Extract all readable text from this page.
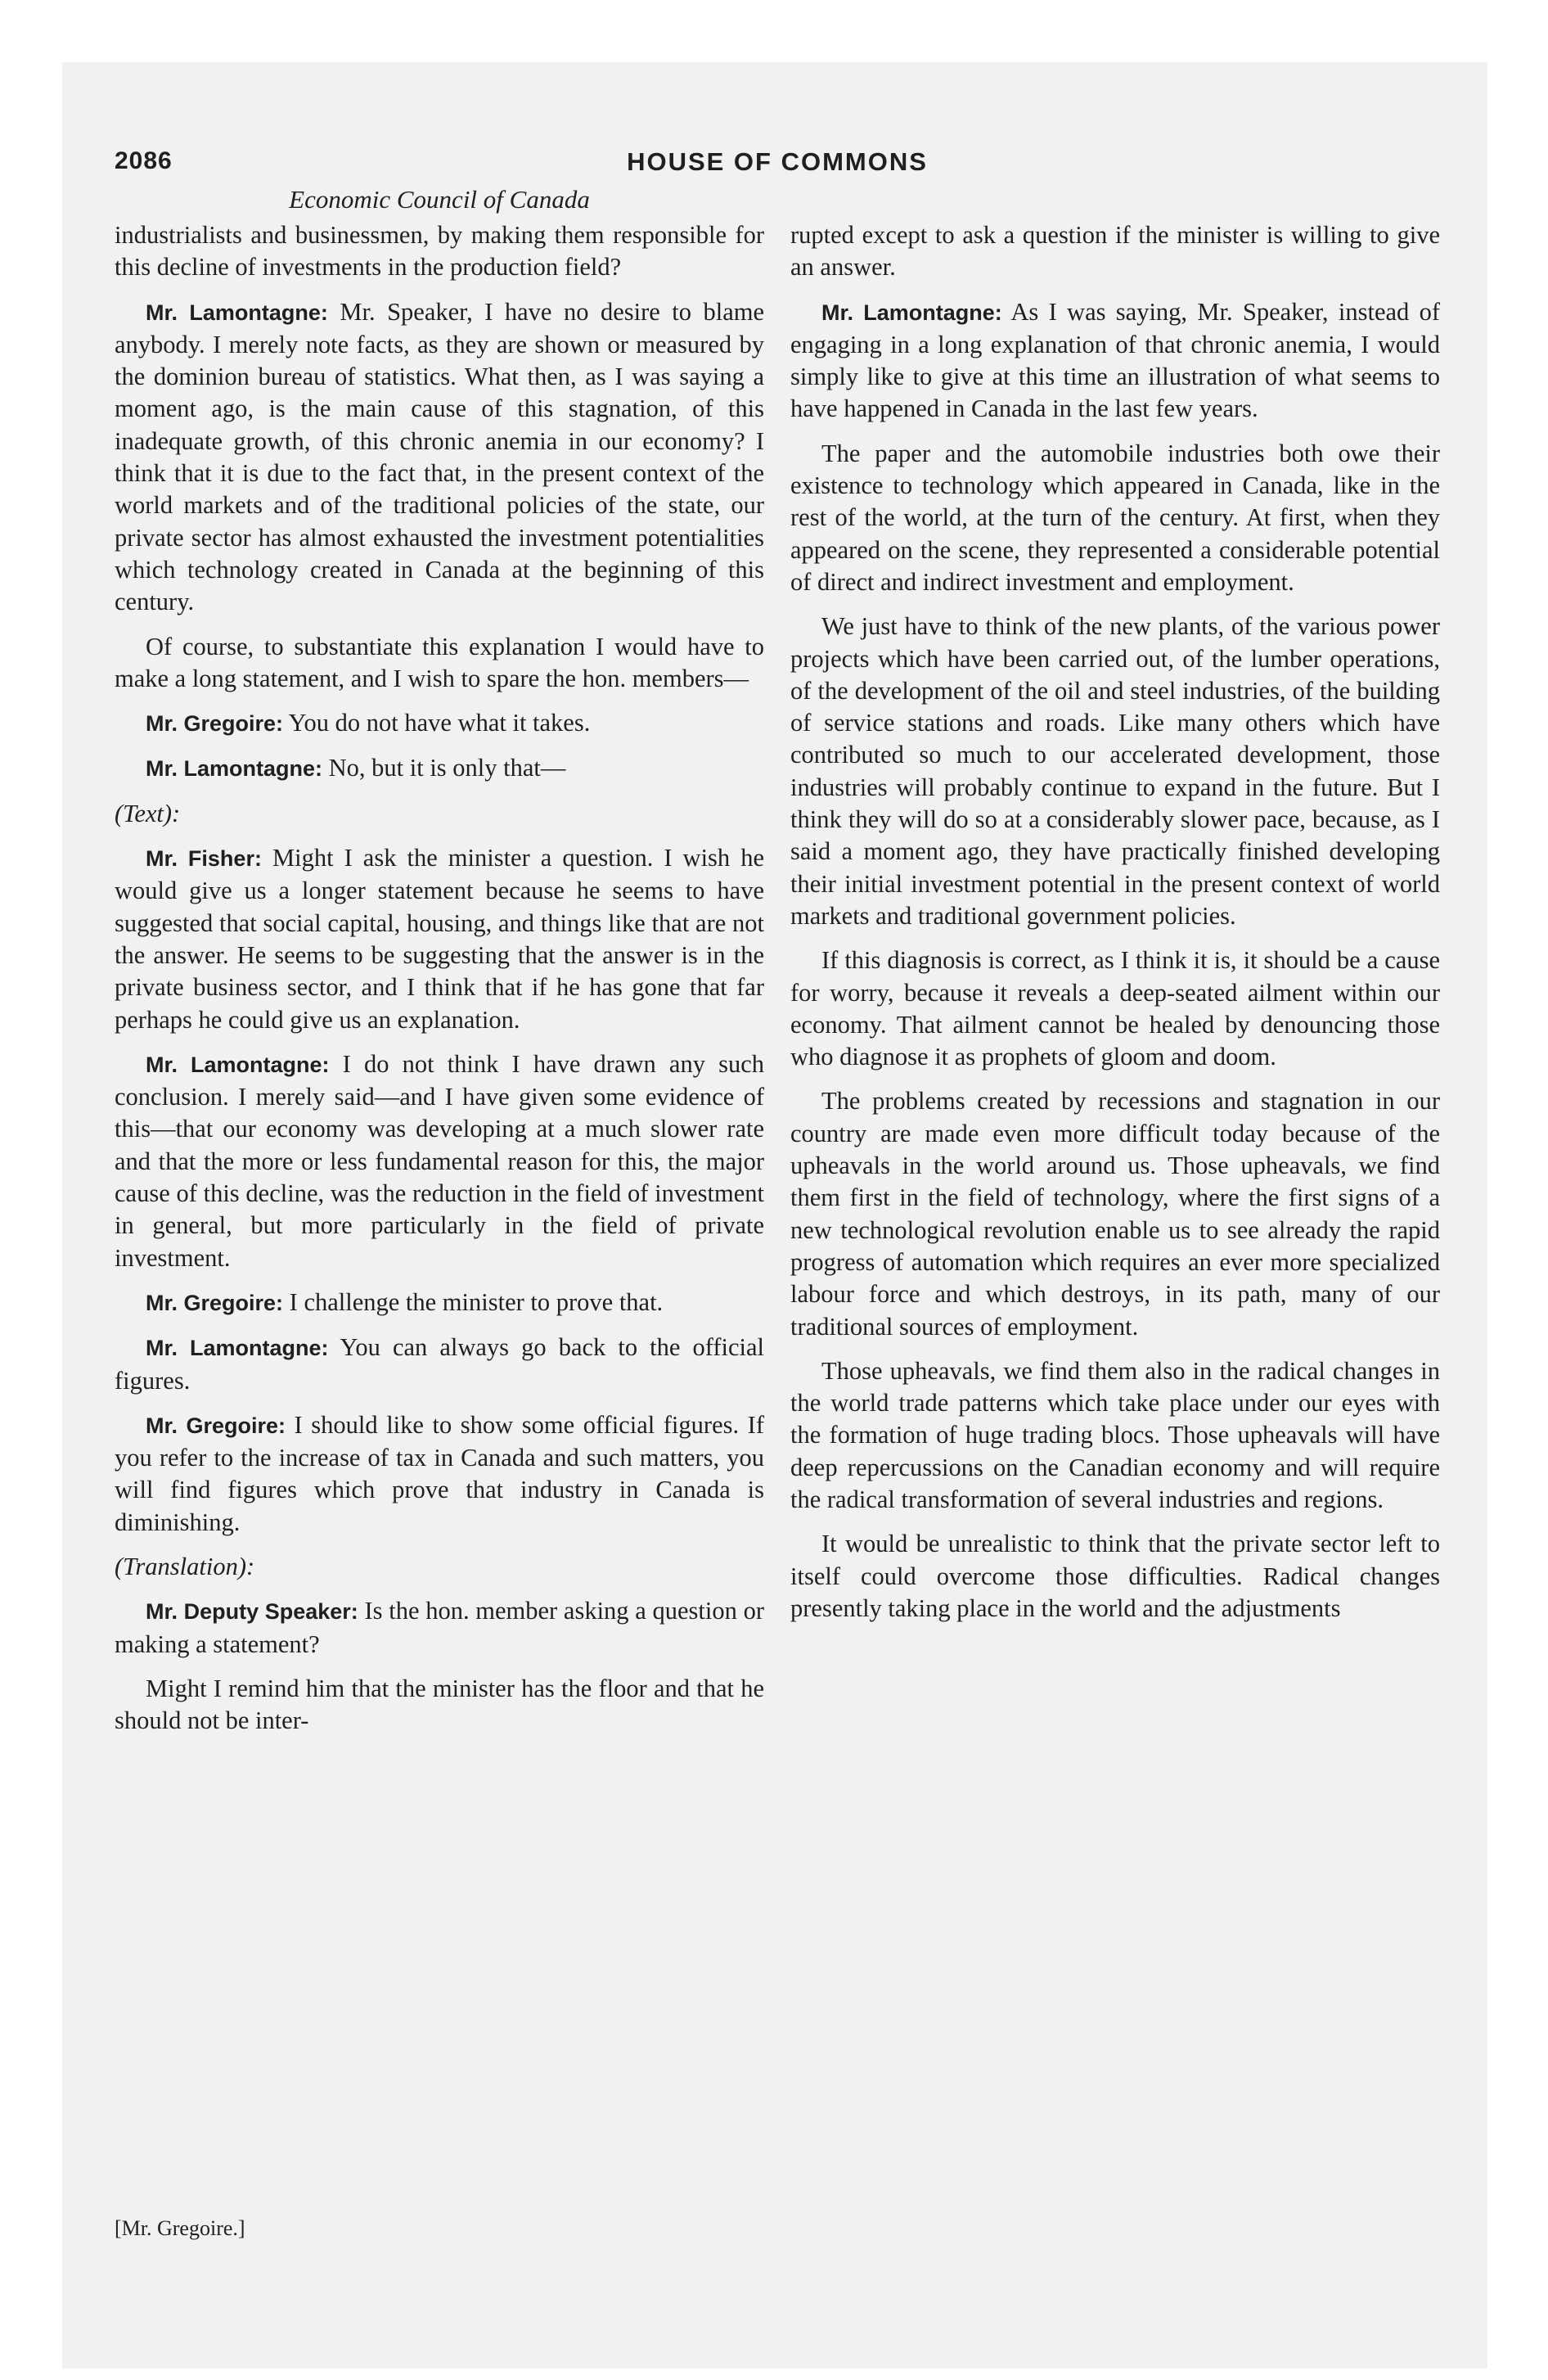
2086	HOUSE OF COMMONS
Economic Council of Canada

industrialists and businessmen, by making them responsible for this decline of investments in the production field?

Mr. Lamontagne: Mr. Speaker, I have no desire to blame anybody. I merely note facts, as they are shown or measured by the dominion bureau of statistics. What then, as I was saying a moment ago, is the main cause of this stagnation, of this inadequate growth, of this chronic anemia in our economy? I think that it is due to the fact that, in the present context of the world markets and of the traditional policies of the state, our private sector has almost exhausted the investment potentialities which technology created in Canada at the beginning of this century.

Of course, to substantiate this explanation I would have to make a long statement, and I wish to spare the hon. members—

Mr. Gregoire: You do not have what it takes.

Mr. Lamontagne: No, but it is only that—

(Text):

Mr. Fisher: Might I ask the minister a question. I wish he would give us a longer statement because he seems to have suggested that social capital, housing, and things like that are not the answer. He seems to be suggesting that the answer is in the private business sector, and I think that if he has gone that far perhaps he could give us an explanation.

Mr. Lamontagne: I do not think I have drawn any such conclusion. I merely said—and I have given some evidence of this—that our economy was developing at a much slower rate and that the more or less fundamental reason for this, the major cause of this decline, was the reduction in the field of investment in general, but more particularly in the field of private investment.

Mr. Gregoire: I challenge the minister to prove that.

Mr. Lamontagne: You can always go back to the official figures.

Mr. Gregoire: I should like to show some official figures. If you refer to the increase of tax in Canada and such matters, you will find figures which prove that industry in Canada is diminishing.

(Translation):

Mr. Deputy Speaker: Is the hon. member asking a question or making a statement?

Might I remind him that the minister has the floor and that he should not be inter-

rupted except to ask a question if the minister is willing to give an answer.

Mr. Lamontagne: As I was saying, Mr. Speaker, instead of engaging in a long explanation of that chronic anemia, I would simply like to give at this time an illustration of what seems to have happened in Canada in the last few years.

The paper and the automobile industries both owe their existence to technology which appeared in Canada, like in the rest of the world, at the turn of the century. At first, when they appeared on the scene, they represented a considerable potential of direct and indirect investment and employment.

We just have to think of the new plants, of the various power projects which have been carried out, of the lumber operations, of the development of the oil and steel industries, of the building of service stations and roads. Like many others which have contributed so much to our accelerated development, those industries will probably continue to expand in the future. But I think they will do so at a considerably slower pace, because, as I said a moment ago, they have practically finished developing their initial investment potential in the present context of world markets and traditional government policies.

If this diagnosis is correct, as I think it is, it should be a cause for worry, because it reveals a deep-seated ailment within our economy. That ailment cannot be healed by denouncing those who diagnose it as prophets of gloom and doom.

The problems created by recessions and stagnation in our country are made even more difficult today because of the upheavals in the world around us. Those upheavals, we find them first in the field of technology, where the first signs of a new technological revolution enable us to see already the rapid progress of automation which requires an ever more specialized labour force and which destroys, in its path, many of our traditional sources of employment.

Those upheavals, we find them also in the radical changes in the world trade patterns which take place under our eyes with the formation of huge trading blocs. Those upheavals will have deep repercussions on the Canadian economy and will require the radical transformation of several industries and regions.

It would be unrealistic to think that the private sector left to itself could overcome those difficulties. Radical changes presently taking place in the world and the adjustments

[Mr. Gregoire.]
